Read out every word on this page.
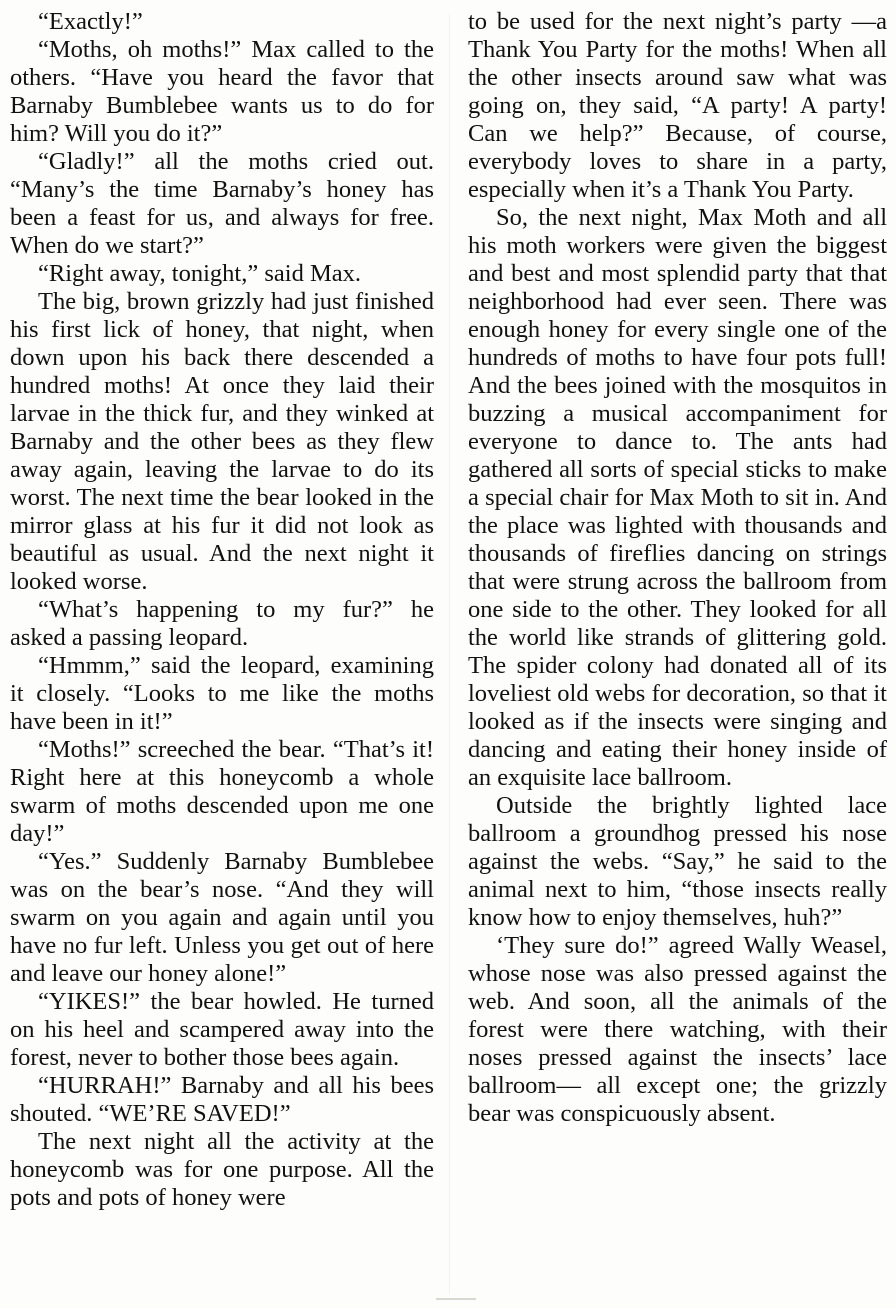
“Exactly!”

“Moths, oh moths!” Max called to the others. “Have you heard the favor that Barnaby Bumblebee wants us to do for him? Will you do it?”

“Gladly!” all the moths cried out. “Many’s the time Barnaby’s honey has been a feast for us, and always for free. When do we start?”

“Right away, tonight,” said Max.

The big, brown grizzly had just finished his first lick of honey, that night, when down upon his back there descended a hundred moths! At once they laid their larvae in the thick fur, and they winked at Barnaby and the other bees as they flew away again, leaving the larvae to do its worst. The next time the bear looked in the mirror glass at his fur it did not look as beautiful as usual. And the next night it looked worse.

“What’s happening to my fur?” he asked a passing leopard.

“Hmmm,” said the leopard, examining it closely. “Looks to me like the moths have been in it!”

“Moths!” screeched the bear. “That’s it! Right here at this honeycomb a whole swarm of moths descended upon me one day!”

“Yes.” Suddenly Barnaby Bumblebee was on the bear’s nose. “And they will swarm on you again and again until you have no fur left. Unless you get out of here and leave our honey alone!”

“YIKES!” the bear howled. He turned on his heel and scampered away into the forest, never to bother those bees again.

“HURRAH!” Barnaby and all his bees shouted. “WE’RE SAVED!”

The next night all the activity at the honeycomb was for one purpose. All the pots and pots of honey were

to be used for the next night’s party —a Thank You Party for the moths! When all the other insects around saw what was going on, they said, “A party! A party! Can we help?” Because, of course, everybody loves to share in a party, especially when it’s a Thank You Party.

So, the next night, Max Moth and all his moth workers were given the biggest and best and most splendid party that that neighborhood had ever seen. There was enough honey for every single one of the hundreds of moths to have four pots full! And the bees joined with the mosquitos in buzzing a musical accompaniment for everyone to dance to. The ants had gathered all sorts of special sticks to make a special chair for Max Moth to sit in. And the place was lighted with thousands and thousands of fireflies dancing on strings that were strung across the ballroom from one side to the other. They looked for all the world like strands of glittering gold. The spider colony had donated all of its loveliest old webs for decoration, so that it looked as if the insects were singing and dancing and eating their honey inside of an exquisite lace ballroom.

Outside the brightly lighted lace ballroom a groundhog pressed his nose against the webs. “Say,” he said to the animal next to him, “those insects really know how to enjoy themselves, huh?”

‘They sure do!” agreed Wally Weasel, whose nose was also pressed against the web. And soon, all the animals of the forest were there watching, with their noses pressed against the insects’ lace ballroom— all except one; the grizzly bear was conspicuously absent.
